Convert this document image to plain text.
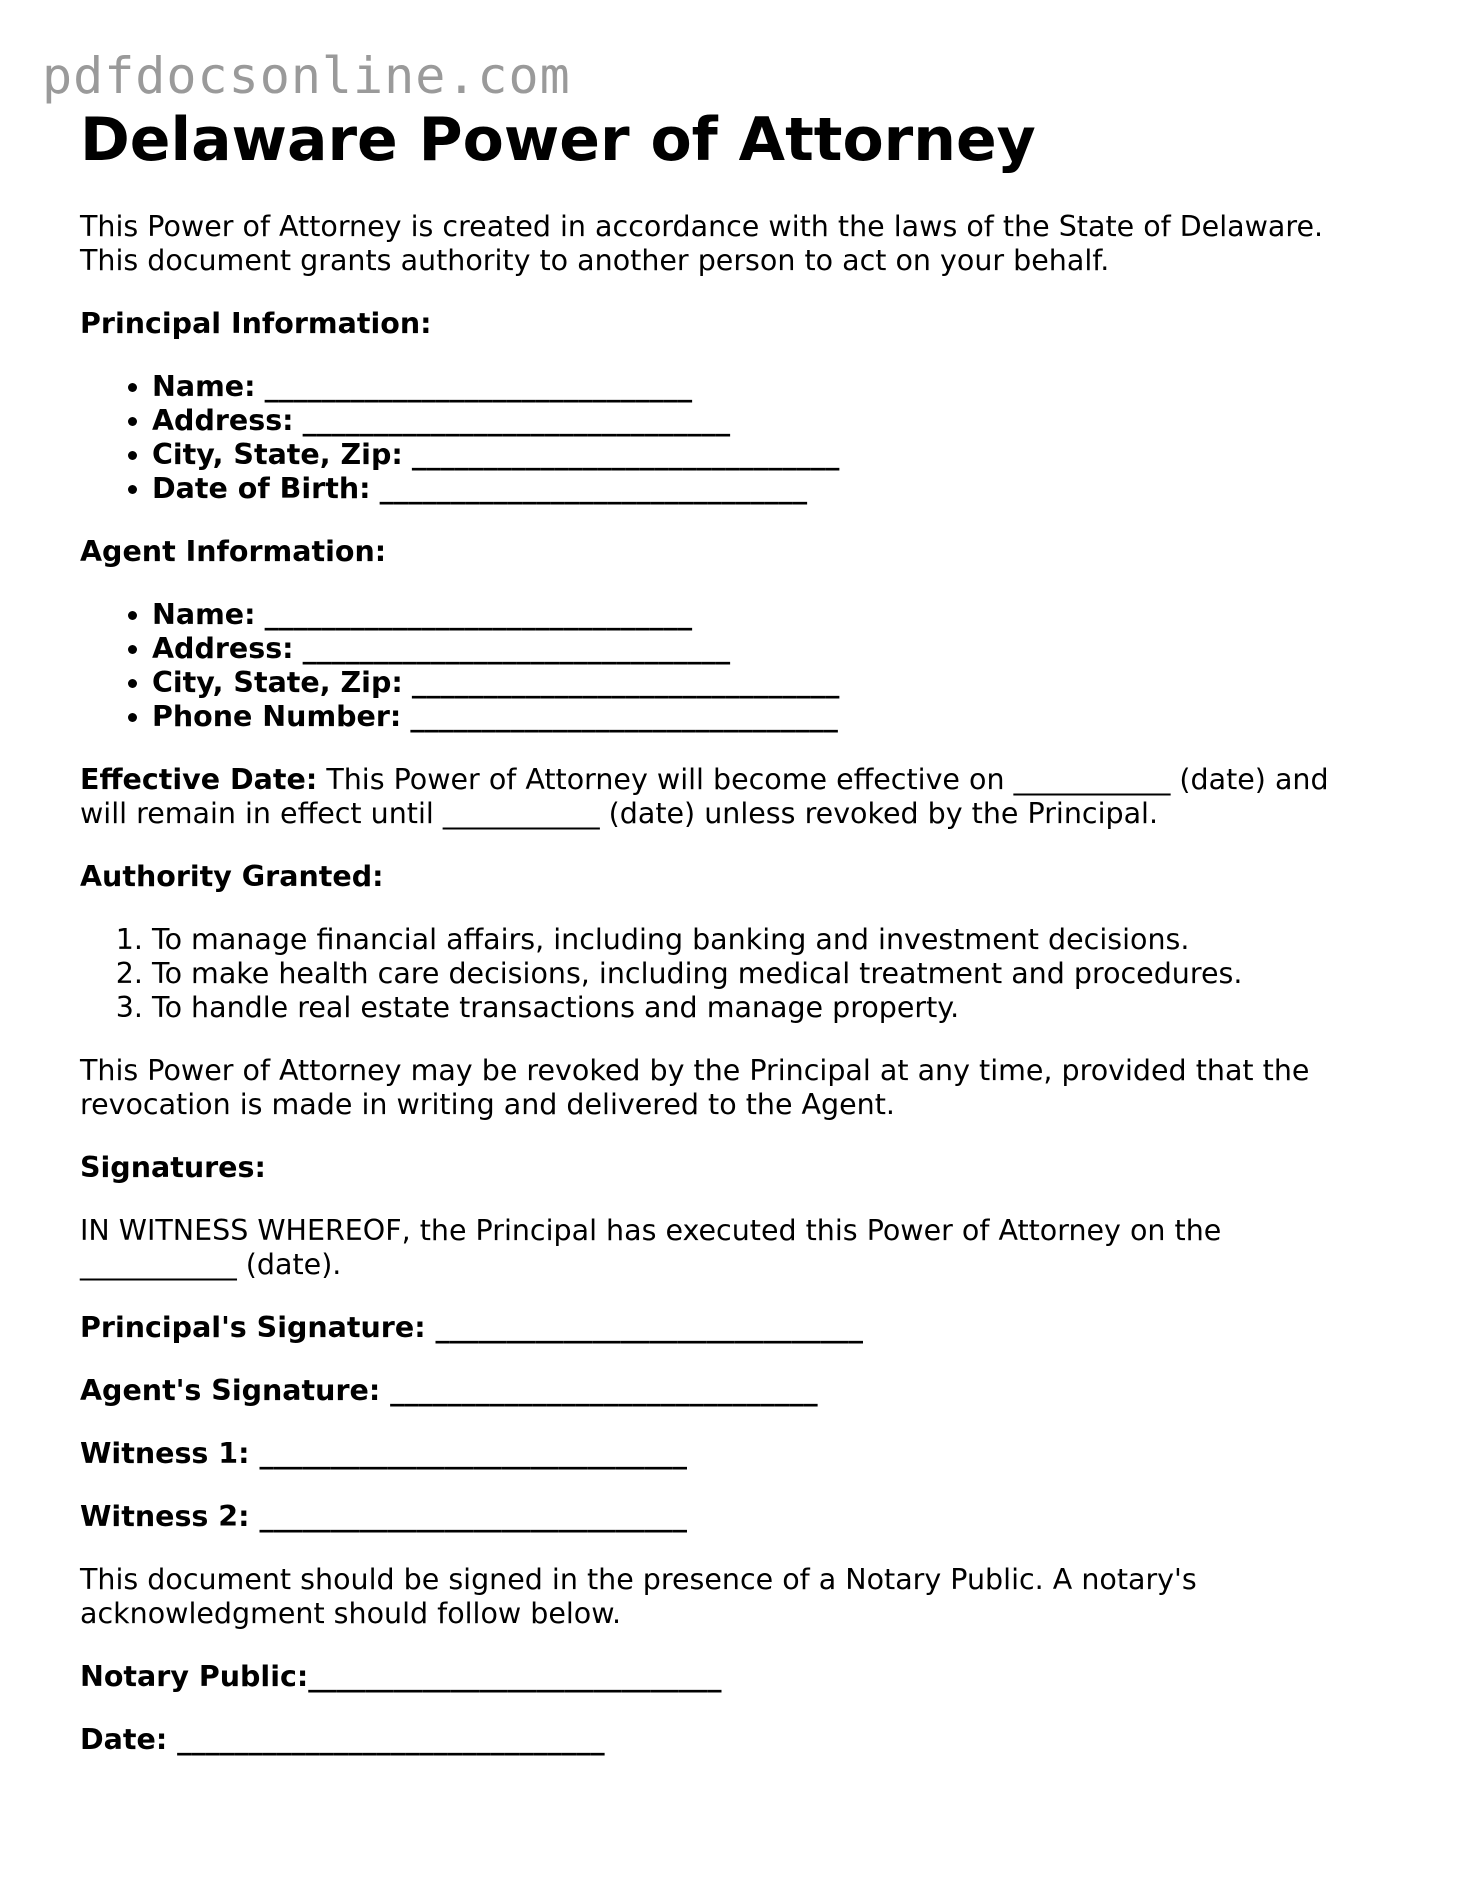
pdfdocsonline.com
Delaware Power of Attorney

This Power of Attorney is created in accordance with the laws of the State of Delaware.
This document grants authority to another person to act on your behalf.

Principal Information:

• Name: ______________________________
• Address: ______________________________
• City, State, Zip: ______________________________
• Date of Birth: ______________________________

Agent Information:

• Name: ______________________________
• Address: ______________________________
• City, State, Zip: ______________________________
• Phone Number: ______________________________

Effective Date: This Power of Attorney will become effective on ___________ (date) and
will remain in effect until ___________ (date) unless revoked by the Principal.

Authority Granted:

1. To manage financial affairs, including banking and investment decisions.
2. To make health care decisions, including medical treatment and procedures.
3. To handle real estate transactions and manage property.

This Power of Attorney may be revoked by the Principal at any time, provided that the
revocation is made in writing and delivered to the Agent.

Signatures:

IN WITNESS WHEREOF, the Principal has executed this Power of Attorney on the
___________ (date).

Principal's Signature: ______________________________

Agent's Signature: ______________________________

Witness 1: ______________________________

Witness 2: ______________________________

This document should be signed in the presence of a Notary Public. A notary's
acknowledgment should follow below.

Notary Public:_____________________________

Date: ______________________________
